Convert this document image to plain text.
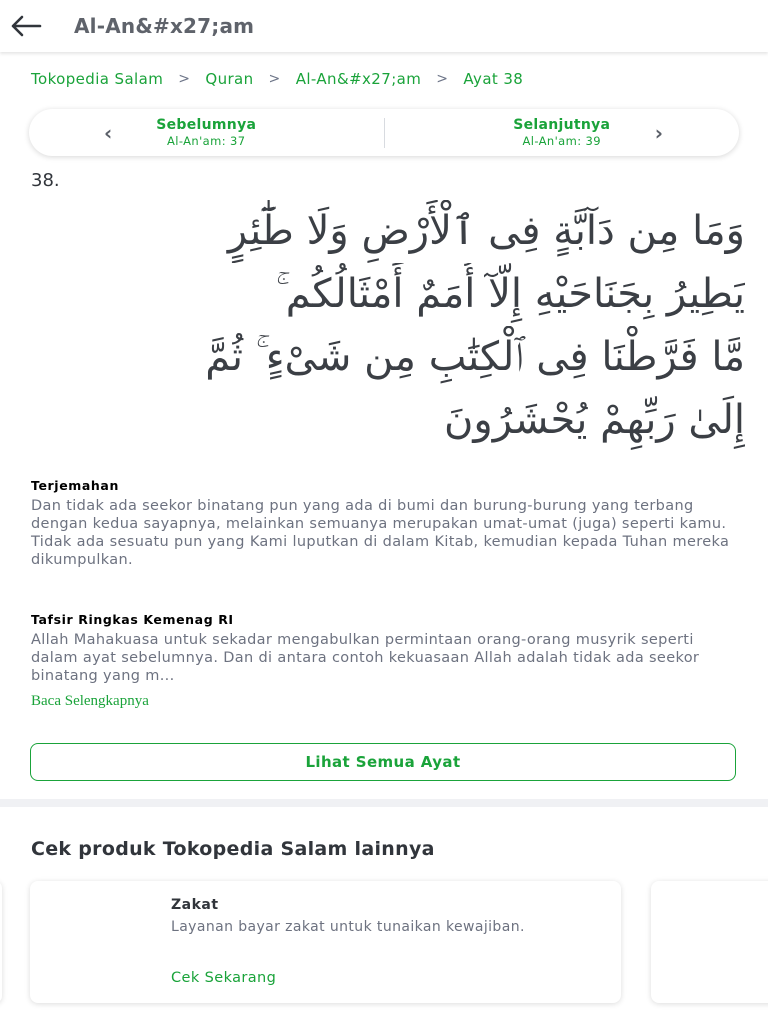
Al-An&#x27;am
Tokopedia Salam > Quran > Al-An&#x27;am > Ayat 38
‹	Sebelumnya
Al-An'am: 37
Selanjutnya
Al-An'am: 39	›
38.
وَمَا مِن دَآبَّةٍ فِى ٱلْأَرْضِ وَلَا طَٰٓئِرٍ
يَطِيرُ بِجَنَاحَيْهِ إِلَّآ أُمَمٌ أَمْثَالُكُم ۚ
مَّا فَرَّطْنَا فِى ٱلْكِتَٰبِ مِن شَىْءٍ ۚ ثُمَّ
إِلَىٰ رَبِّهِمْ يُحْشَرُونَ
Terjemahan
Dan tidak ada seekor binatang pun yang ada di bumi dan burung-burung yang terbang dengan kedua sayapnya, melainkan semuanya merupakan umat-umat (juga) seperti kamu. Tidak ada sesuatu pun yang Kami luputkan di dalam Kitab, kemudian kepada Tuhan mereka dikumpulkan.
Tafsir Ringkas Kemenag RI
Allah Mahakuasa untuk sekadar mengabulkan permintaan orang-orang musyrik seperti dalam ayat sebelumnya. Dan di antara contoh kekuasaan Allah adalah tidak ada seekor binatang yang m...
Baca Selengkapnya
Lihat Semua Ayat
Cek produk Tokopedia Salam lainnya
Zakat
Layanan bayar zakat untuk tunaikan kewajiban.
Cek Sekarang
